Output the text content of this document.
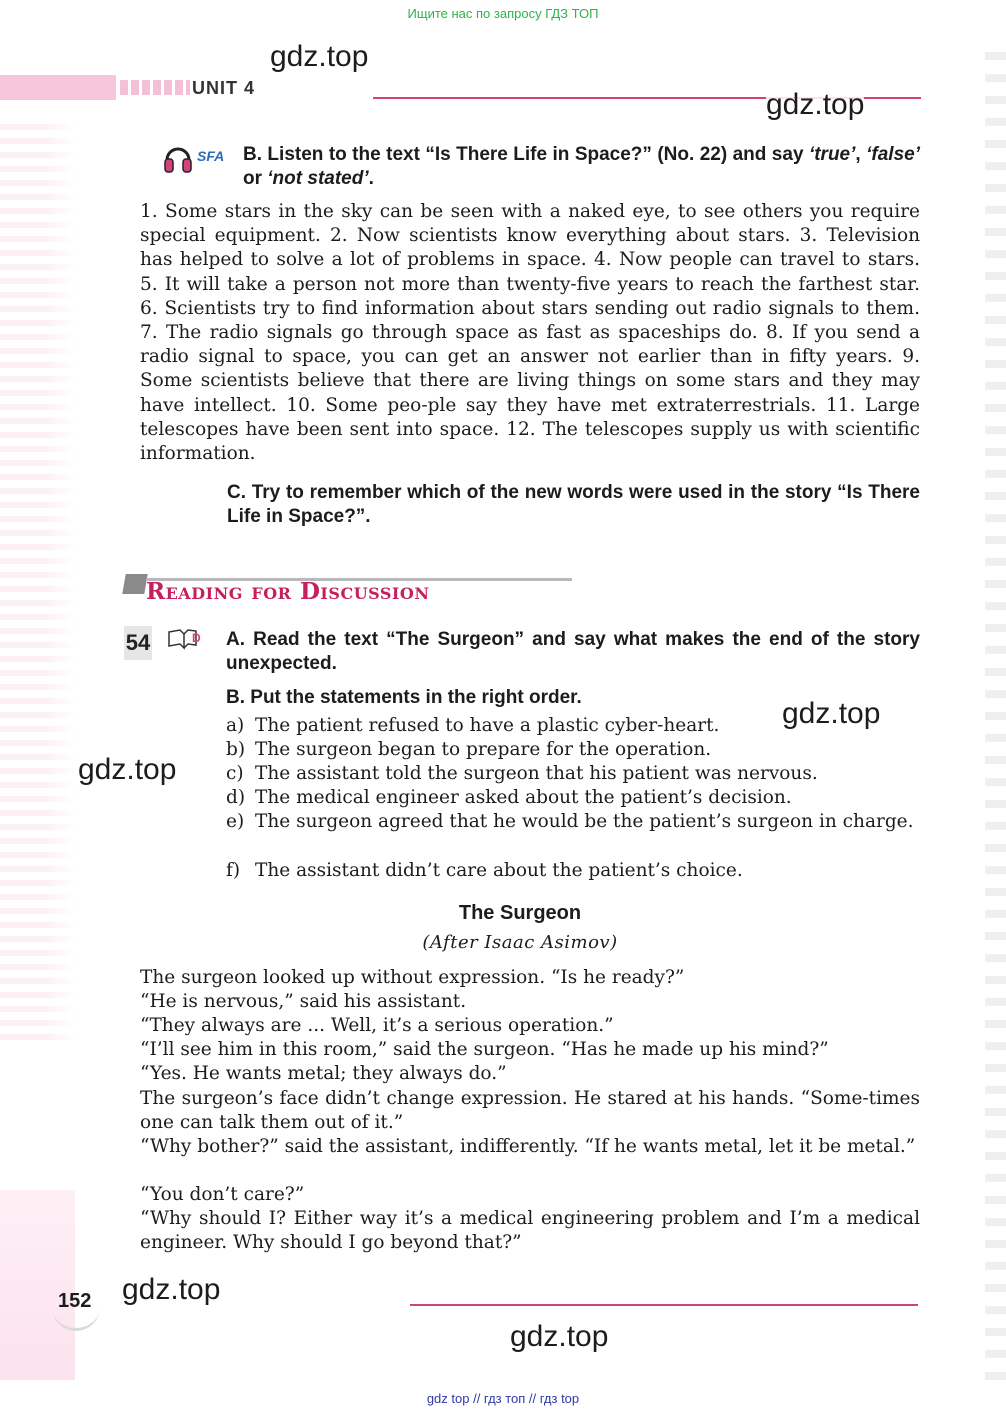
Ищите нас по запросу ГДЗ ТОП
gdz top // гдз топ // гдз top
UNIT 4
gdz.top
gdz.top
gdz.top
gdz.top
gdz.top
gdz.top
SFA B. Listen to the text “Is There Life in Space?” (No. 22) and say ‘true’, ‘false’ or ‘not stated’.
1. Some stars in the sky can be seen with a naked eye, to see others you require special equipment. 2. Now scientists know everything about stars. 3. Television has helped to solve a lot of problems in space. 4. Now people can travel to stars. 5. It will take a person not more than twenty-five years to reach the farthest star. 6. Scientists try to find information about stars sending out radio signals to them. 7. The radio signals go through space as fast as spaceships do. 8. If you send a radio signal to space, you can get an answer not earlier than in fifty years. 9. Some scientists believe that there are living things on some stars and they may have intellect. 10. Some peo-ple say they have met extraterrestrials. 11. Large telescopes have been sent into space. 12. The telescopes supply us with scientific information.
C. Try to remember which of the new words were used in the story “Is There Life in Space?”.
Reading for Discussion
54	D A. Read the text “The Surgeon” and say what makes the end of the story unexpected.
B. Put the statements in the right order.
a) The patient refused to have a plastic cyber-heart.
b) The surgeon began to prepare for the operation.
c) The assistant told the surgeon that his patient was nervous.
d) The medical engineer asked about the patient’s decision.
e) The surgeon agreed that he would be the patient’s surgeon in charge.
f) The assistant didn’t care about the patient’s choice.
The Surgeon
(After Isaac Asimov)
The surgeon looked up without expression. “Is he ready?”
“He is nervous,” said his assistant.
“They always are ... Well, it’s a serious operation.”
“I’ll see him in this room,” said the surgeon. “Has he made up his mind?”
“Yes. He wants metal; they always do.”
The surgeon’s face didn’t change expression. He stared at his hands. “Some-times one can talk them out of it.”
“Why bother?” said the assistant, indifferently. “If he wants metal, let it be metal.”
“You don’t care?”
“Why should I? Either way it’s a medical engineering problem and I’m a medical engineer. Why should I go beyond that?”
152
